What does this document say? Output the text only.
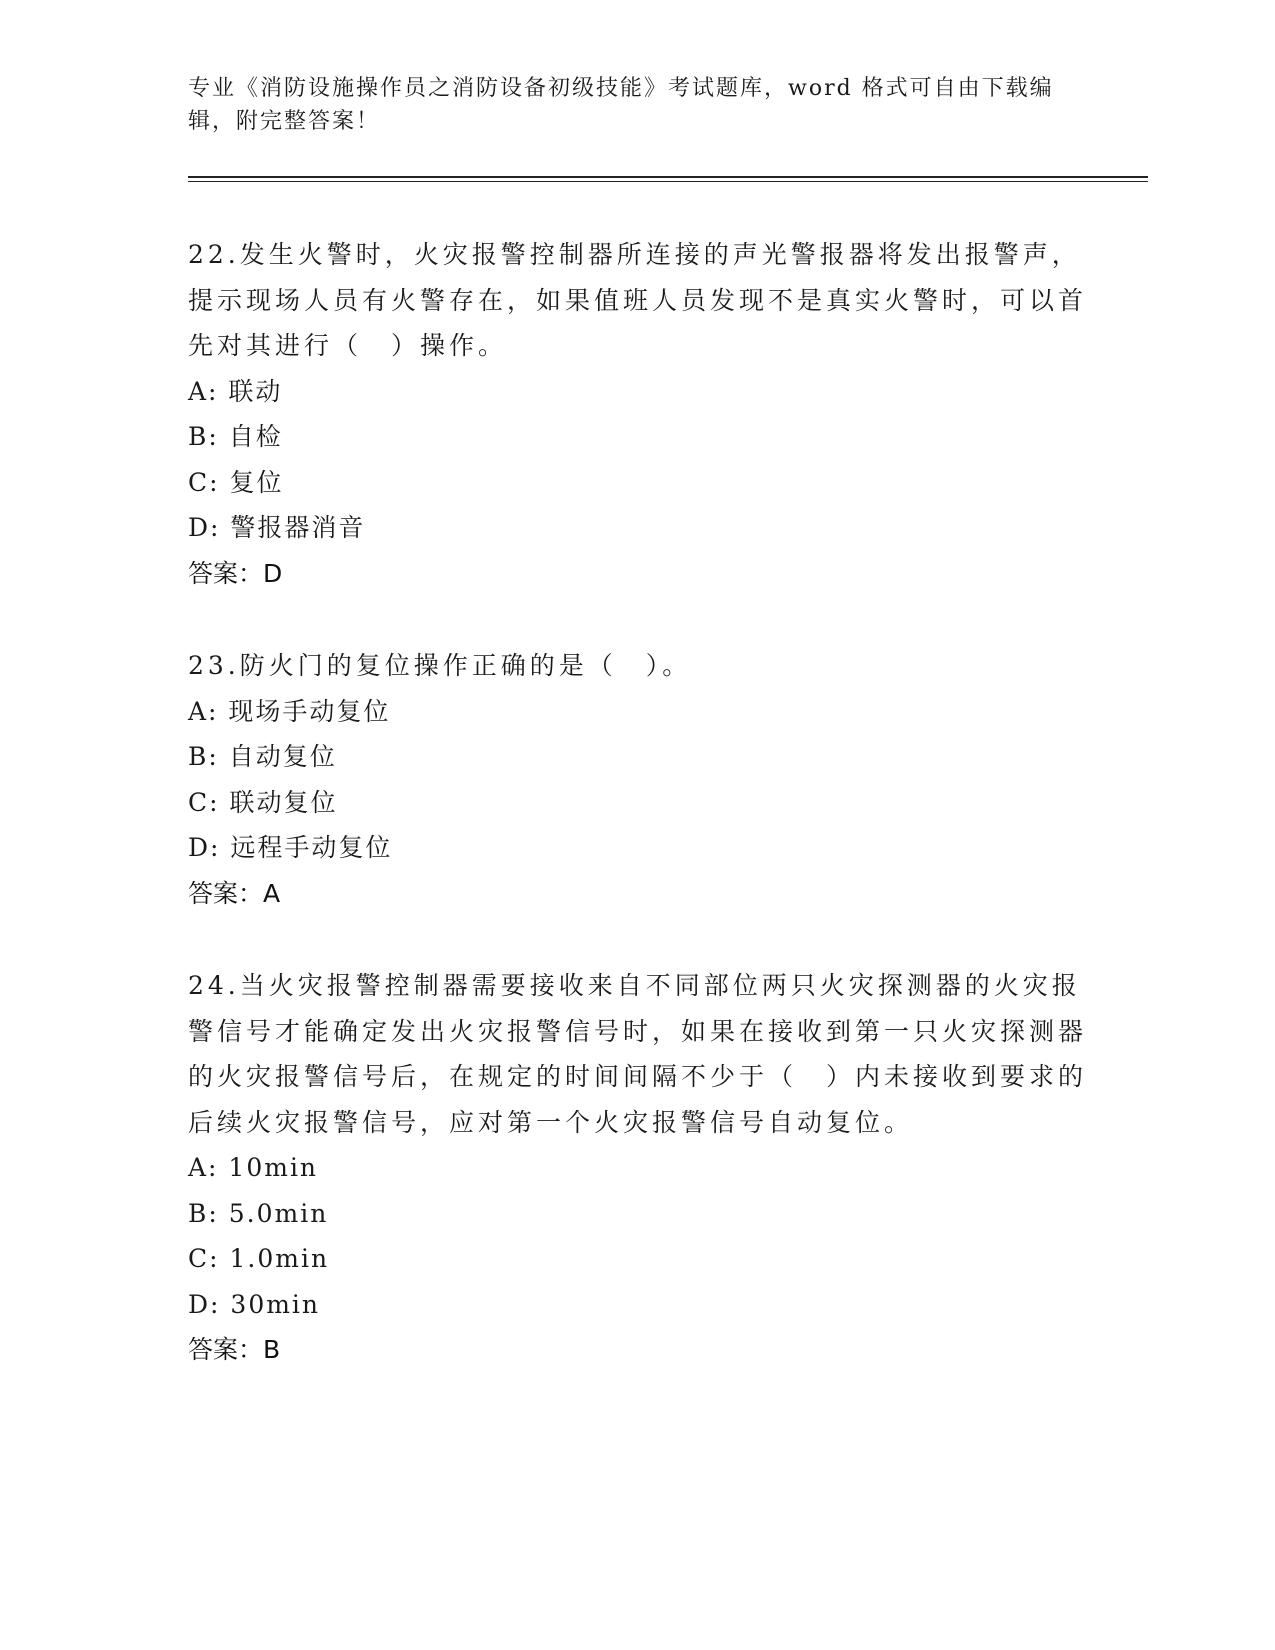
专业《消防设施操作员之消防设备初级技能》考试题库，word 格式可自由下载编辑，附完整答案！

22.发生火警时，火灾报警控制器所连接的声光警报器将发出报警声，提示现场人员有火警存在，如果值班人员发现不是真实火警时，可以首先对其进行（　）操作。

A: 联动

B: 自检

C: 复位

D: 警报器消音

答案：D

23.防火门的复位操作正确的是（　）。

A: 现场手动复位

B: 自动复位

C: 联动复位

D: 远程手动复位

答案：A

24.当火灾报警控制器需要接收来自不同部位两只火灾探测器的火灾报警信号才能确定发出火灾报警信号时，如果在接收到第一只火灾探测器的火灾报警信号后，在规定的时间间隔不少于（　）内未接收到要求的后续火灾报警信号，应对第一个火灾报警信号自动复位。

A: 10min

B: 5.0min

C: 1.0min

D: 30min

答案：B
